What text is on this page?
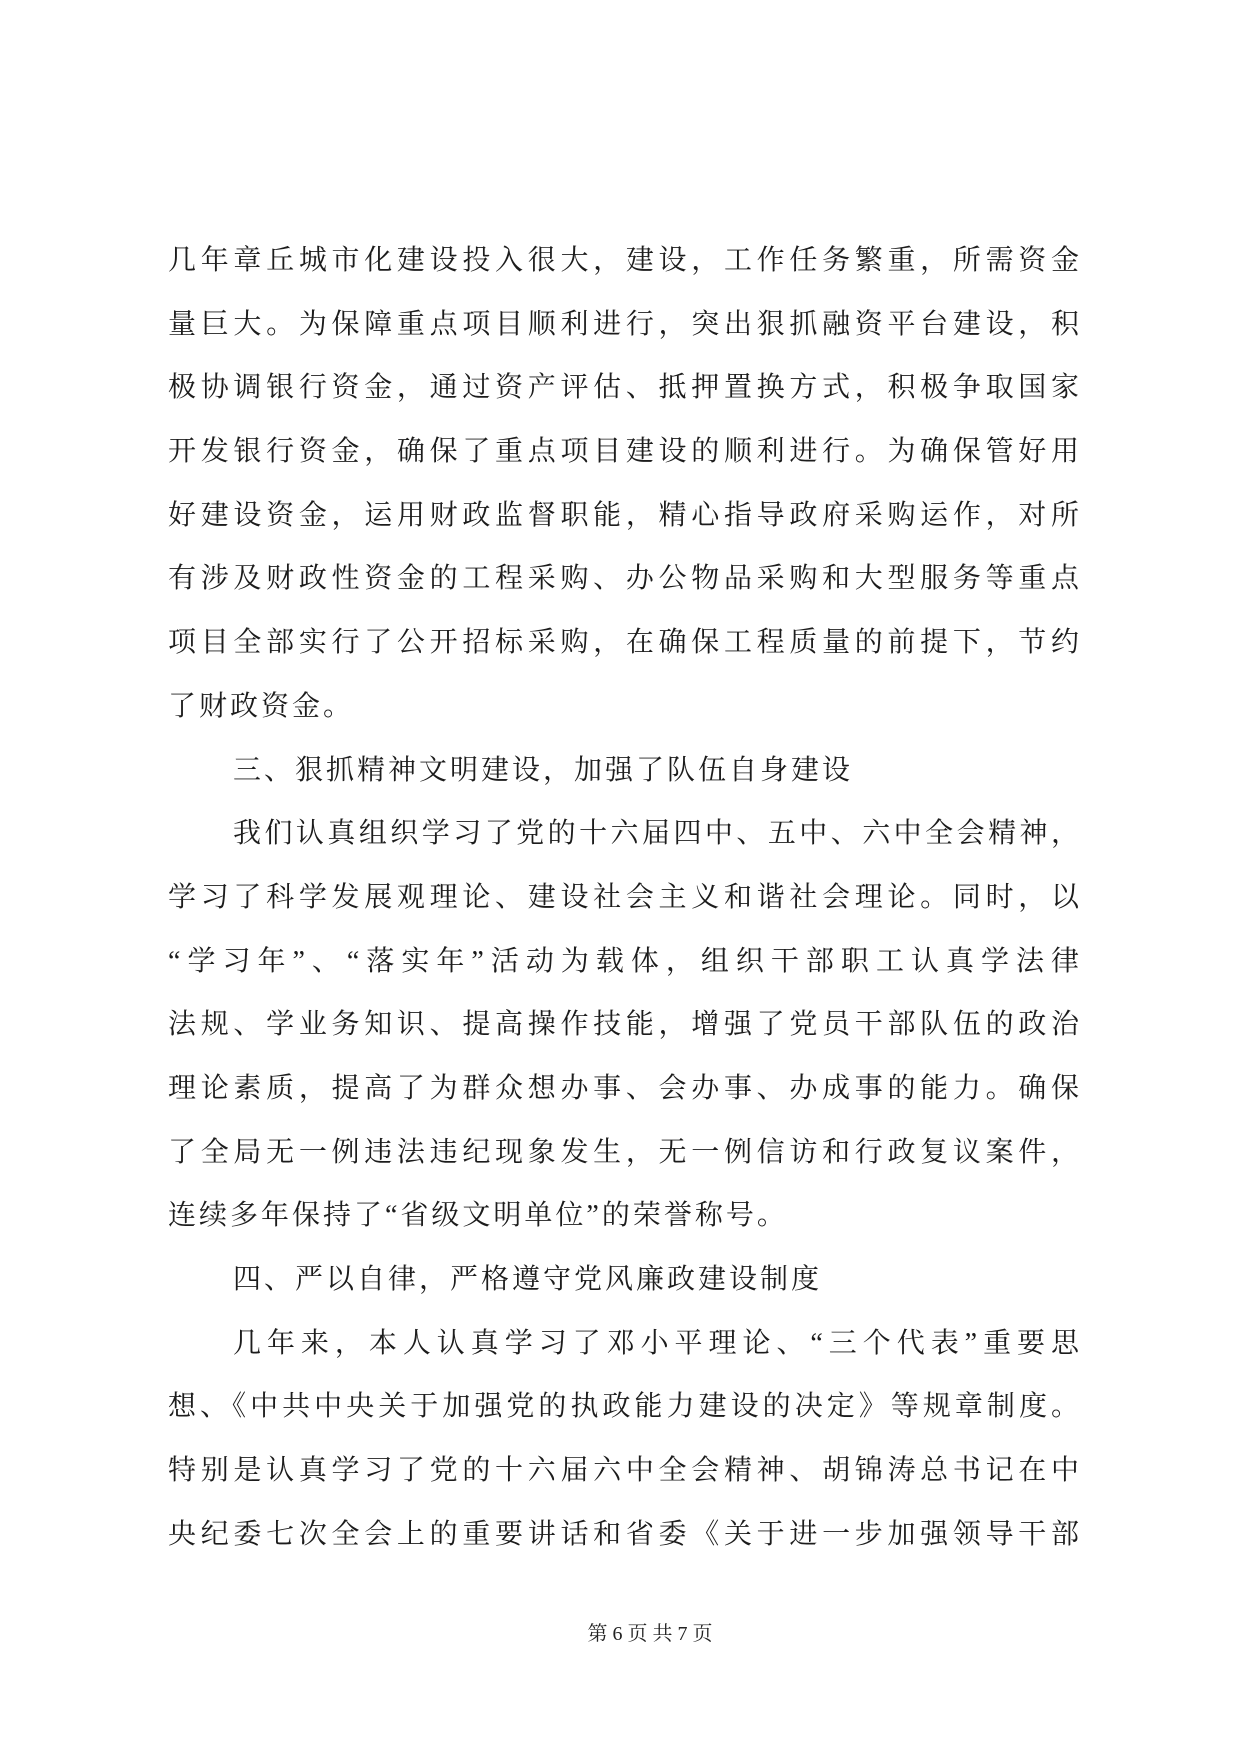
几年章丘城市化建设投入很大，建设，工作任务繁重，所需资金
量巨大。为保障重点项目顺利进行，突出狠抓融资平台建设，积
极协调银行资金，通过资产评估、抵押置换方式，积极争取国家
开发银行资金，确保了重点项目建设的顺利进行。为确保管好用
好建设资金，运用财政监督职能，精心指导政府采购运作，对所
有涉及财政性资金的工程采购、办公物品采购和大型服务等重点
项目全部实行了公开招标采购，在确保工程质量的前提下，节约
了财政资金。
三、狠抓精神文明建设，加强了队伍自身建设
我们认真组织学习了党的十六届四中、五中、六中全会精神，
学习了科学发展观理论、建设社会主义和谐社会理论。同时，以
“学习年”、“落实年”活动为载体，组织干部职工认真学法律
法规、学业务知识、提高操作技能，增强了党员干部队伍的政治
理论素质，提高了为群众想办事、会办事、办成事的能力。确保
了全局无一例违法违纪现象发生，无一例信访和行政复议案件，
连续多年保持了“省级文明单位”的荣誉称号。
四、严以自律，严格遵守党风廉政建设制度
几年来，本人认真学习了邓小平理论、“三个代表”重要思
想、《中共中央关于加强党的执政能力建设的决定》等规章制度。
特别是认真学习了党的十六届六中全会精神、胡锦涛总书记在中
央纪委七次全会上的重要讲话和省委《关于进一步加强领导干部
第 6 页 共 7 页
